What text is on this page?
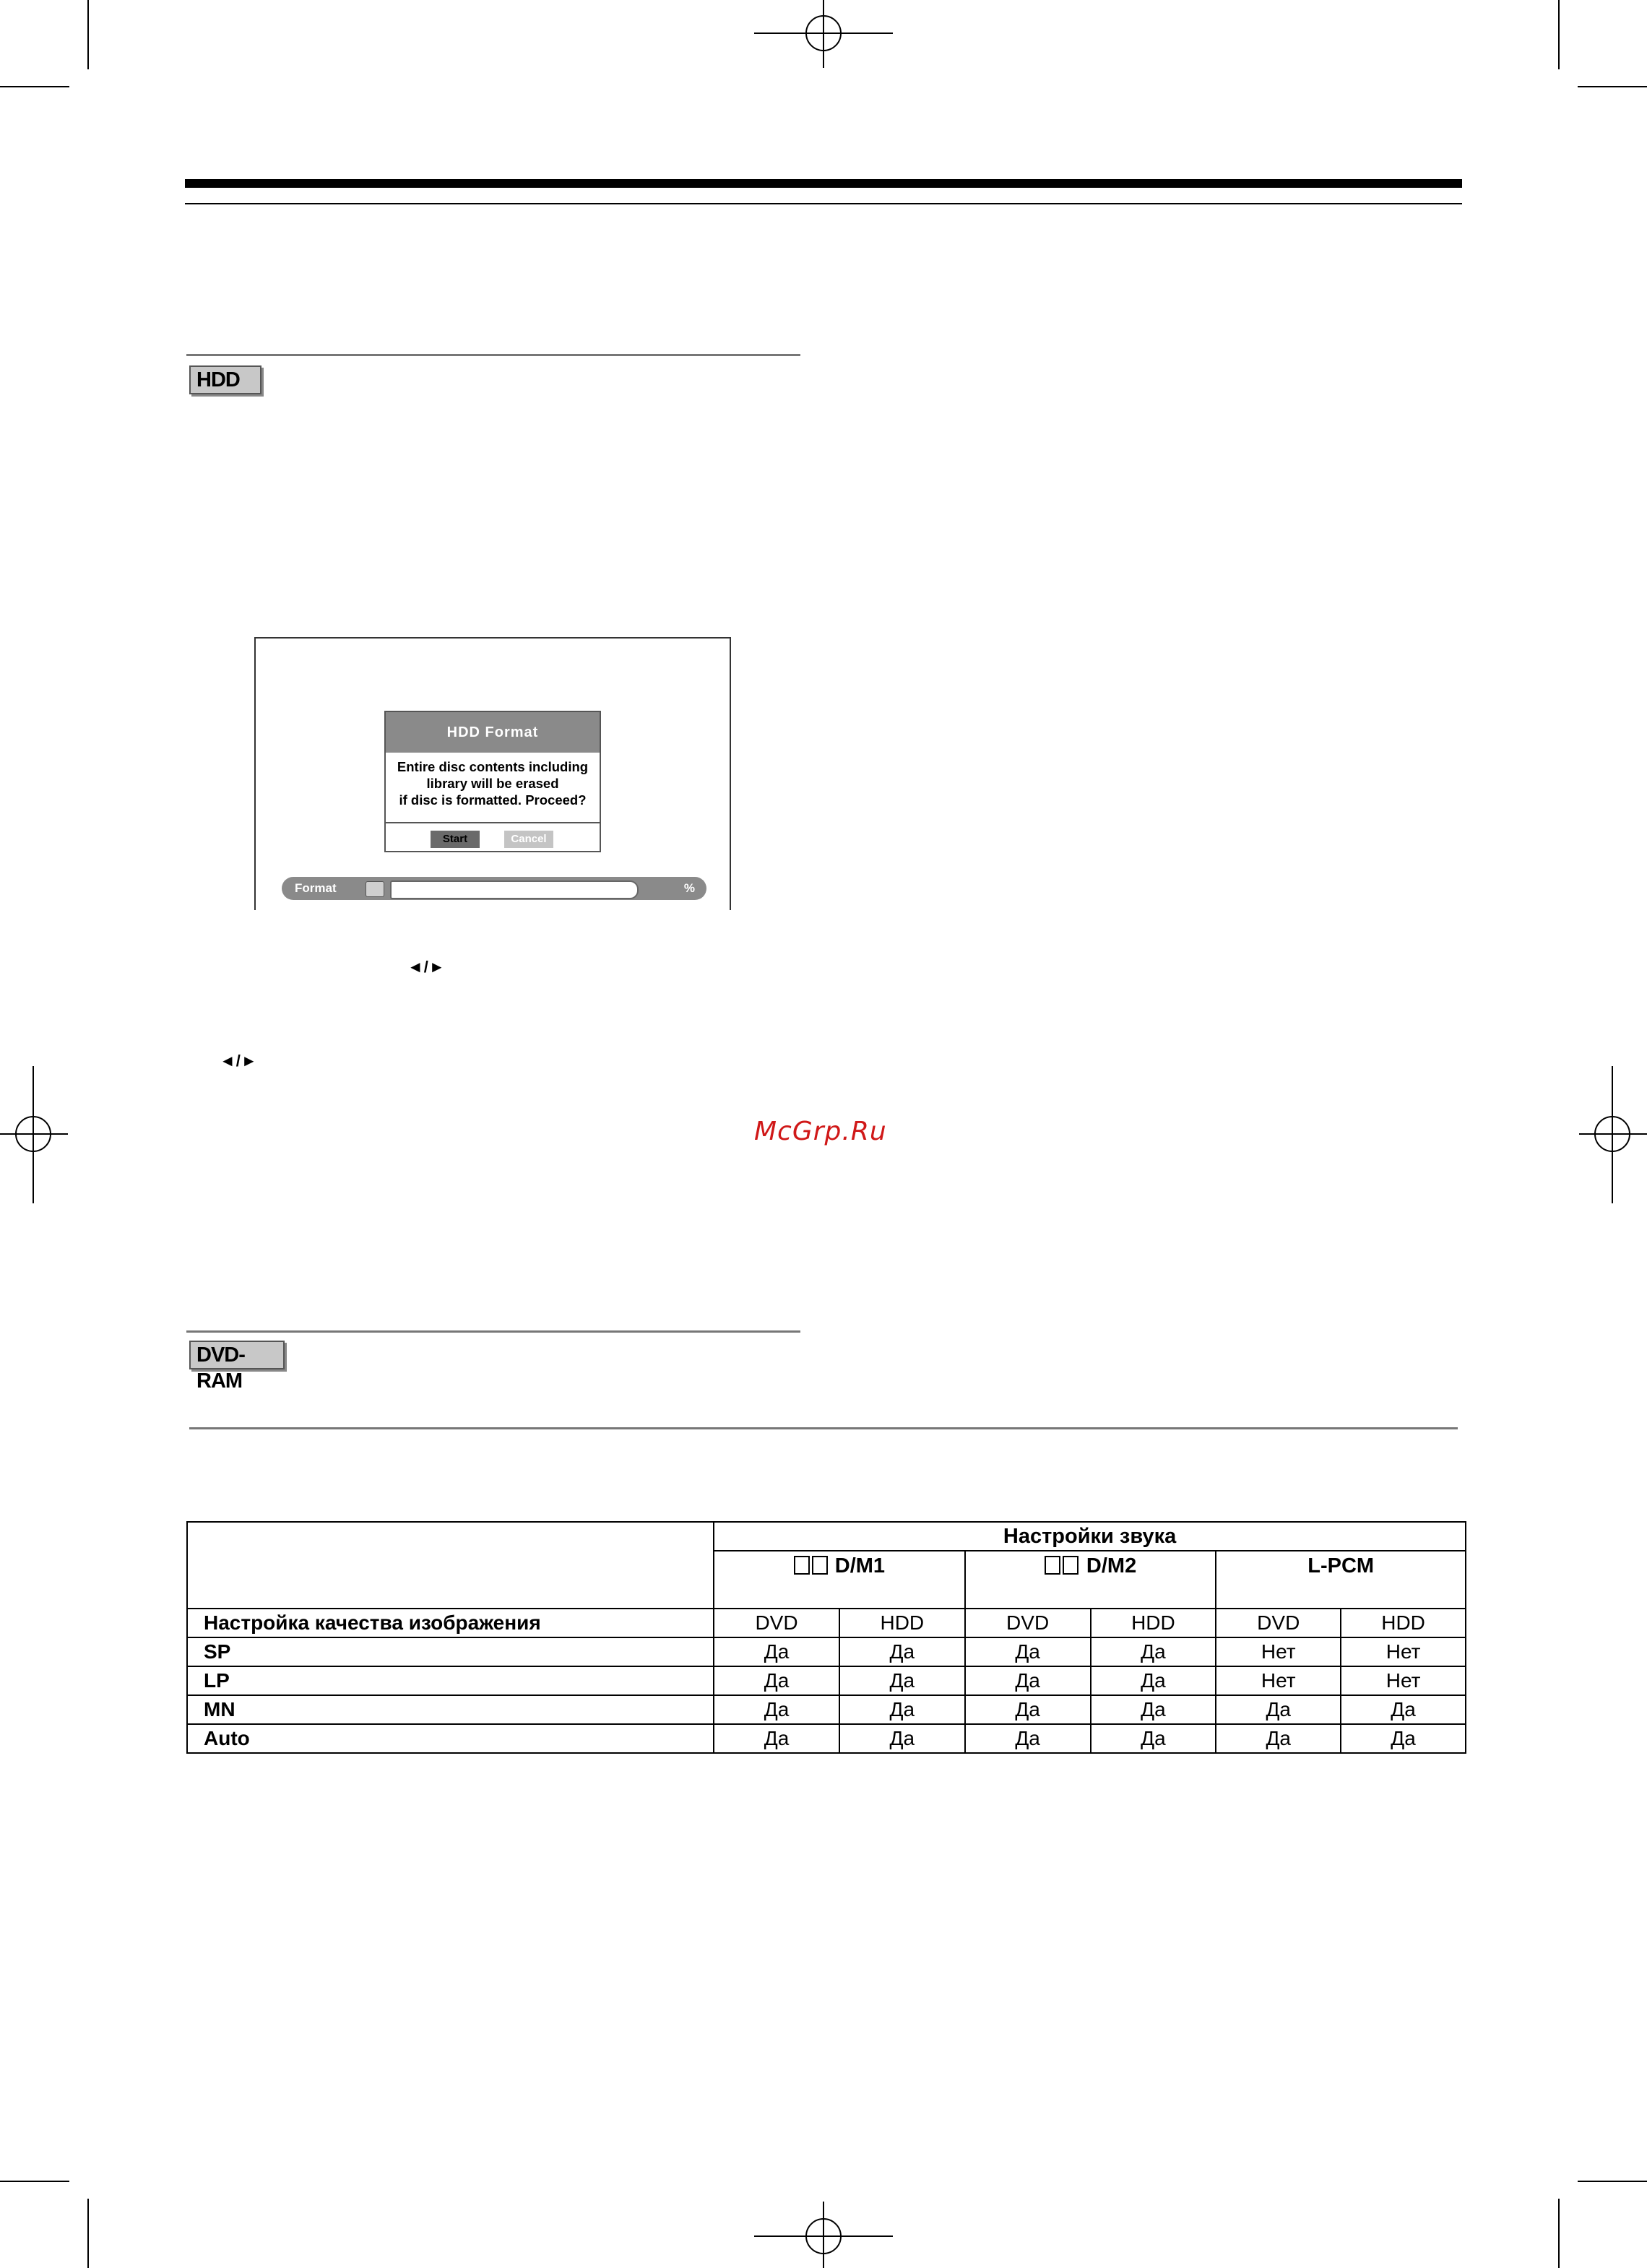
HDD
HDD Format
Entire disc contents including
library will be erased
if disc is formatted. Proceed?
Start	Cancel
Format	%
◄/►
◄/►
McGrp.Ru
DVD-RAM
	Настройки звука					
	D/M1		D/M2		L-PCM	
Настройка качества изображения	DVD	HDD	DVD	HDD	DVD	HDD
SP	Да	Да	Да	Да	Нет	Нет
LP	Да	Да	Да	Да	Нет	Нет
MN	Да	Да	Да	Да	Да	Да
Auto	Да	Да	Да	Да	Да	Да
